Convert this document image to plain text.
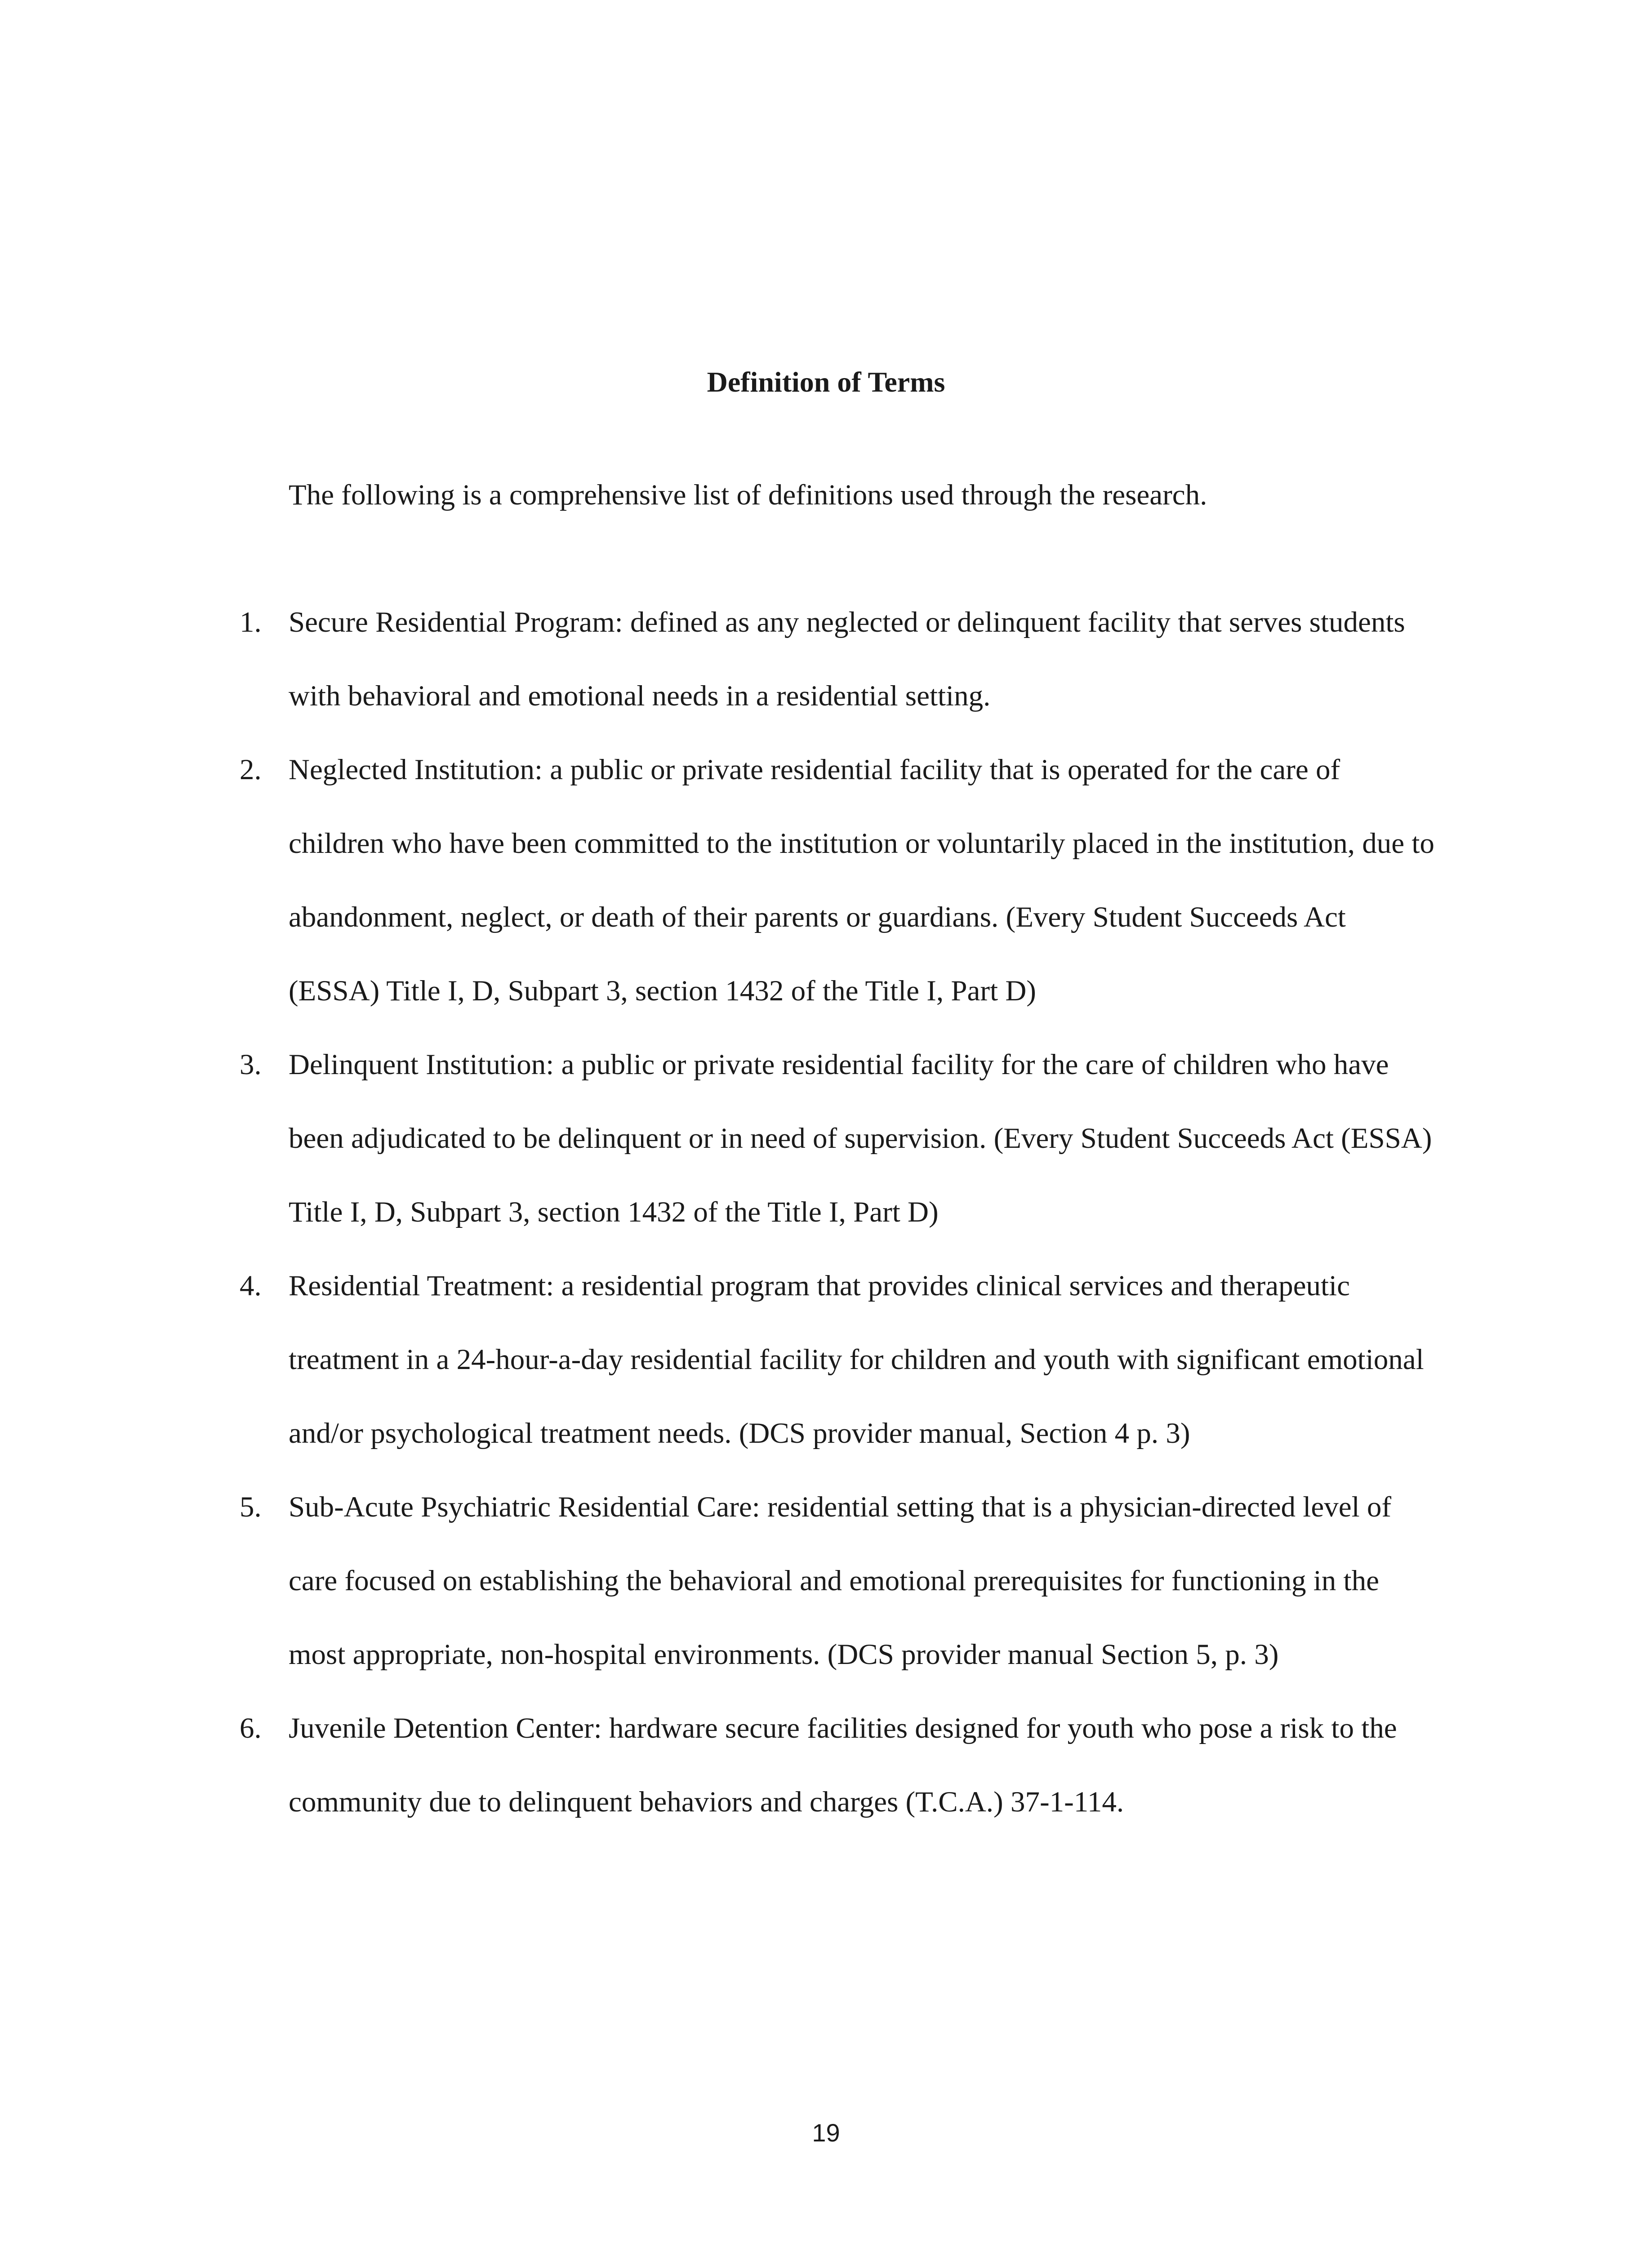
Definition of Terms
The following is a comprehensive list of definitions used through the research.
1. Secure Residential Program: defined as any neglected or delinquent facility that serves students with behavioral and emotional needs in a residential setting.
2. Neglected Institution: a public or private residential facility that is operated for the care of children who have been committed to the institution or voluntarily placed in the institution, due to abandonment, neglect, or death of their parents or guardians. (Every Student Succeeds Act (ESSA) Title I, D, Subpart 3, section 1432 of the Title I, Part D)
3. Delinquent Institution: a public or private residential facility for the care of children who have been adjudicated to be delinquent or in need of supervision. (Every Student Succeeds Act (ESSA) Title I, D, Subpart 3, section 1432 of the Title I, Part D)
4. Residential Treatment: a residential program that provides clinical services and therapeutic treatment in a 24-hour-a-day residential facility for children and youth with significant emotional and/or psychological treatment needs. (DCS provider manual, Section 4 p. 3)
5. Sub-Acute Psychiatric Residential Care: residential setting that is a physician-directed level of care focused on establishing the behavioral and emotional prerequisites for functioning in the most appropriate, non-hospital environments. (DCS provider manual Section 5, p. 3)
6. Juvenile Detention Center: hardware secure facilities designed for youth who pose a risk to the community due to delinquent behaviors and charges (T.C.A.) 37-1-114.
19
